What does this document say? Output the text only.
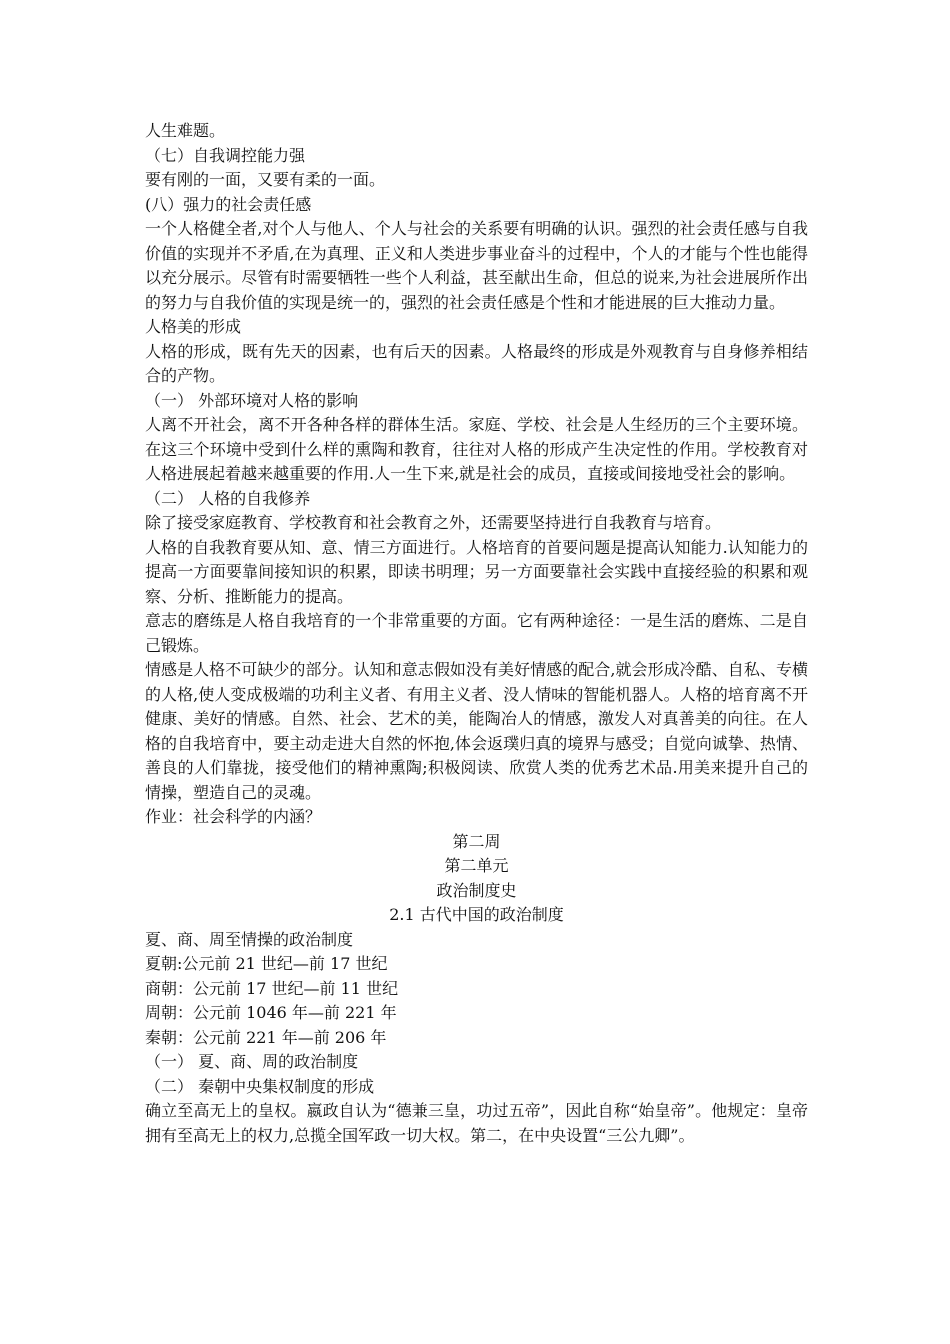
人生难题。

（七）自我调控能力强

要有刚的一面，又要有柔的一面。

(八）强力的社会责任感

一个人格健全者,对个人与他人、个人与社会的关系要有明确的认识。强烈的社会责任感与自我价值的实现并不矛盾,在为真理、正义和人类进步事业奋斗的过程中，个人的才能与个性也能得以充分展示。尽管有时需要牺牲一些个人利益，甚至献出生命，但总的说来,为社会进展所作出的努力与自我价值的实现是统一的，强烈的社会责任感是个性和才能进展的巨大推动力量。

人格美的形成

人格的形成，既有先天的因素，也有后天的因素。人格最终的形成是外观教育与自身修养相结合的产物。

（一） 外部环境对人格的影响

人离不开社会，离不开各种各样的群体生活。家庭、学校、社会是人生经历的三个主要环境。在这三个环境中受到什么样的熏陶和教育，往往对人格的形成产生决定性的作用。学校教育对人格进展起着越来越重要的作用.人一生下来,就是社会的成员，直接或间接地受社会的影响。

（二） 人格的自我修养

除了接受家庭教育、学校教育和社会教育之外，还需要坚持进行自我教育与培育。

人格的自我教育要从知、意、情三方面进行。人格培育的首要问题是提高认知能力.认知能力的提高一方面要靠间接知识的积累，即读书明理；另一方面要靠社会实践中直接经验的积累和观察、分析、推断能力的提高。

意志的磨练是人格自我培育的一个非常重要的方面。它有两种途径：一是生活的磨炼、二是自己锻炼。

情感是人格不可缺少的部分。认知和意志假如没有美好情感的配合,就会形成冷酷、自私、专横的人格,使人变成极端的功利主义者、有用主义者、没人情味的智能机器人。人格的培育离不开健康、美好的情感。自然、社会、艺术的美，能陶冶人的情感，激发人对真善美的向往。在人格的自我培育中，要主动走进大自然的怀抱,体会返璞归真的境界与感受；自觉向诚挚、热情、善良的人们靠拢，接受他们的精神熏陶;积极阅读、欣赏人类的优秀艺术品.用美来提升自己的情操，塑造自己的灵魂。

作业：社会科学的内涵？

第二周

第二单元

政治制度史

2.1 古代中国的政治制度

夏、商、周至情操的政治制度

夏朝:公元前 21 世纪—前 17 世纪

商朝：公元前 17 世纪—前 11 世纪

周朝：公元前 1046 年—前 221 年

秦朝：公元前 221 年—前 206 年

（一） 夏、商、周的政治制度

（二） 秦朝中央集权制度的形成

确立至高无上的皇权。嬴政自认为“德兼三皇，功过五帝”，因此自称“始皇帝”。他规定：皇帝拥有至高无上的权力,总揽全国军政一切大权。第二，在中央设置“三公九卿”。
